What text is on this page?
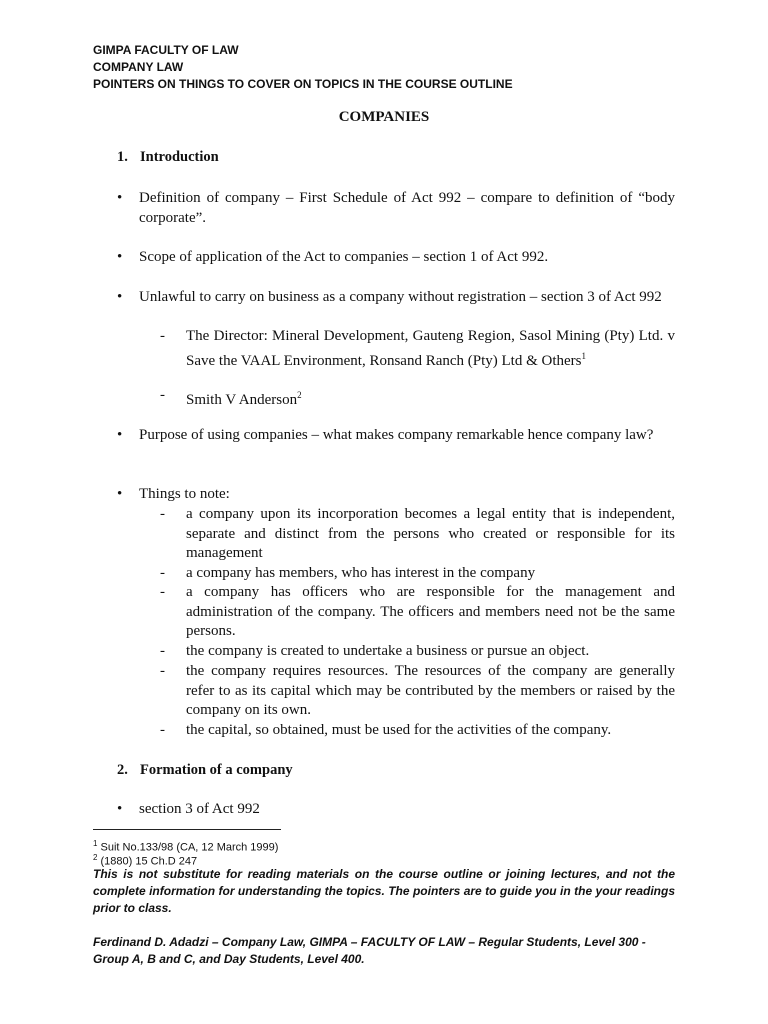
GIMPA FACULTY OF LAW
COMPANY LAW
POINTERS ON THINGS TO COVER ON TOPICS IN THE COURSE OUTLINE
COMPANIES
1. Introduction
• Definition of company – First Schedule of Act 992 – compare to definition of “body corporate”.
• Scope of application of the Act to companies – section 1 of Act 992.
• Unlawful to carry on business as a company without registration – section 3 of Act 992
- The Director: Mineral Development, Gauteng Region, Sasol Mining (Pty) Ltd. v Save the VAAL Environment, Ronsand Ranch (Pty) Ltd & Others$^1$
- Smith V Anderson$^2$
• Purpose of using companies – what makes company remarkable hence company law?
• Things to note:
- a company upon its incorporation becomes a legal entity that is independent, separate and distinct from the persons who created or responsible for its management
- a company has members, who has interest in the company
- a company has officers who are responsible for the management and administration of the company. The officers and members need not be the same persons.
- the company is created to undertake a business or pursue an object.
- the company requires resources. The resources of the company are generally refer to as its capital which may be contributed by the members or raised by the company on its own.
- the capital, so obtained, must be used for the activities of the company.
2. Formation of a company
• section 3 of Act 992
$^1$ Suit No.133/98 (CA, 12 March 1999)
$^2$ (1880) 15 Ch.D 247
This is not substitute for reading materials on the course outline or joining lectures, and not the complete information for understanding the topics. The pointers are to guide you in the your readings prior to class.
Ferdinand D. Adadzi – Company Law, GIMPA – FACULTY OF LAW – Regular Students, Level 300 - Group A, B and C, and Day Students, Level 400.
